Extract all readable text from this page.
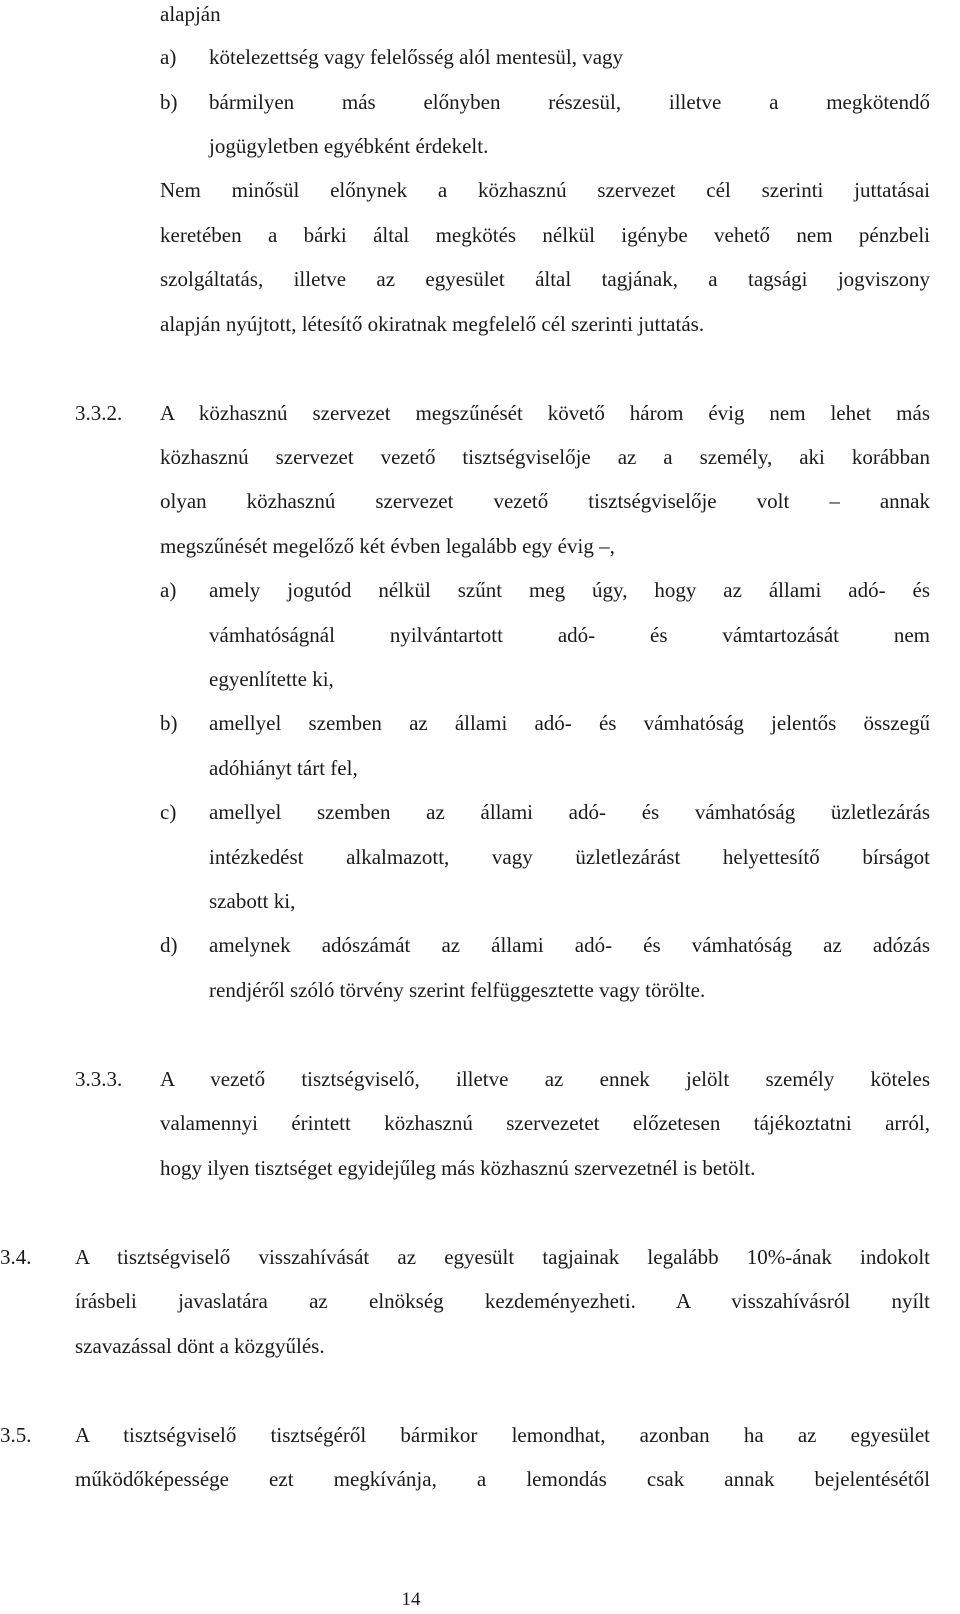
alapján
a) kötelezettség vagy felelősség alól mentesül, vagy
b) bármilyen más előnyben részesül, illetve a megkötendő
jogügyletben egyébként érdekelt.
Nem minősül előnynek a közhasznú szervezet cél szerinti juttatásai
keretében a bárki által megkötés nélkül igénybe vehető nem pénzbeli
szolgáltatás, illetve az egyesület által tagjának, a tagsági jogviszony
alapján nyújtott, létesítő okiratnak megfelelő cél szerinti juttatás.
3.3.2. A közhasznú szervezet megszűnését követő három évig nem lehet más
közhasznú szervezet vezető tisztségviselője az a személy, aki korábban
olyan közhasznú szervezet vezető tisztségviselője volt – annak
megszűnését megelőző két évben legalább egy évig –,
a) amely jogutód nélkül szűnt meg úgy, hogy az állami adó- és
vámhatóságnál nyilvántartott adó- és vámtartozását nem
egyenlítette ki,
b) amellyel szemben az állami adó- és vámhatóság jelentős összegű
adóhiányt tárt fel,
c) amellyel szemben az állami adó- és vámhatóság üzletlezárás
intézkedést alkalmazott, vagy üzletlezárást helyettesítő bírságot
szabott ki,
d) amelynek adószámát az állami adó- és vámhatóság az adózás
rendjéről szóló törvény szerint felfüggesztette vagy törölte.
3.3.3. A vezető tisztségviselő, illetve az ennek jelölt személy köteles
valamennyi érintett közhasznú szervezetet előzetesen tájékoztatni arról,
hogy ilyen tisztséget egyidejűleg más közhasznú szervezetnél is betölt.
3.4. A tisztségviselő visszahívását az egyesült tagjainak legalább 10%-ának indokolt
írásbeli javaslatára az elnökség kezdeményezheti. A visszahívásról nyílt
szavazással dönt a közgyűlés.
3.5. A tisztségviselő tisztségéről bármikor lemondhat, azonban ha az egyesület
működőképessége ezt megkívánja, a lemondás csak annak bejelentésétől
14
